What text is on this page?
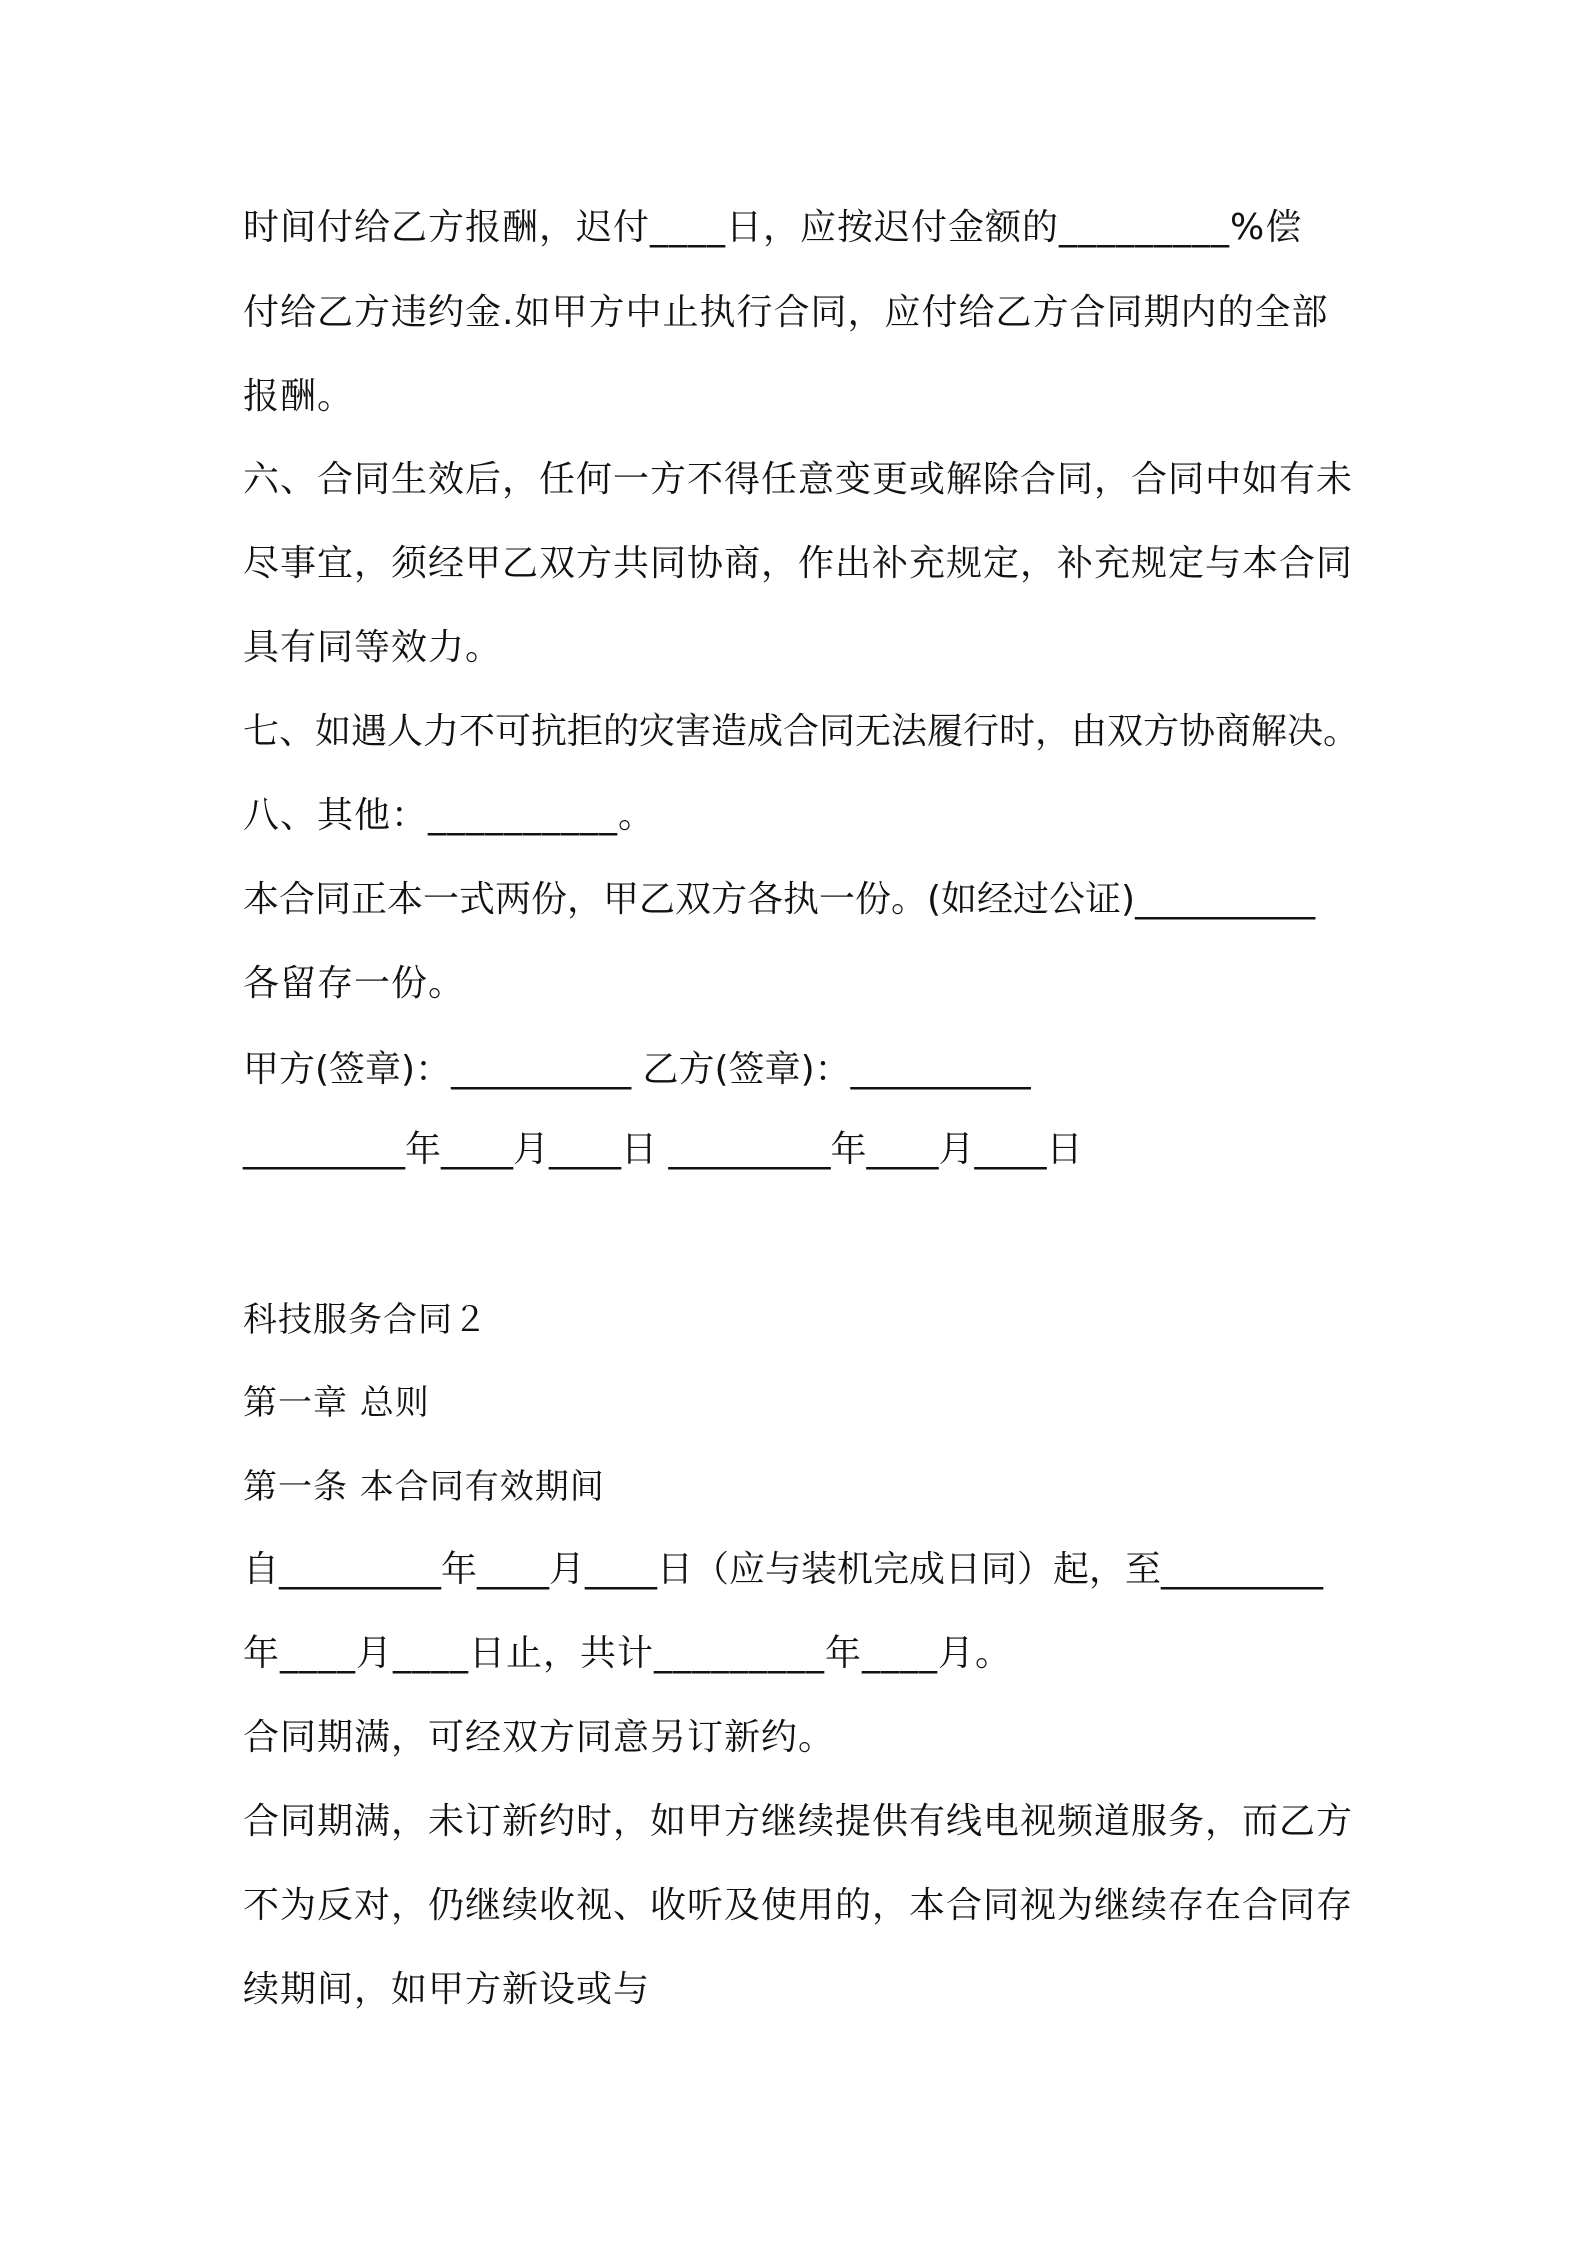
时间付给乙方报酬，迟付____日，应按迟付金额的_________%偿
付给乙方违约金.如甲方中止执行合同，应付给乙方合同期内的全部
报酬。
六、合同生效后，任何一方不得任意变更或解除合同，合同中如有未
尽事宜，须经甲乙双方共同协商，作出补充规定，补充规定与本合同
具有同等效力。
七、如遇人力不可抗拒的灾害造成合同无法履行时，由双方协商解决。
八、其他：__________。
本合同正本一式两份，甲乙双方各执一份。(如经过公证)__________
各留存一份。
甲方(签章)：__________ 乙方(签章)：__________
_________年____月____日 _________年____月____日
科技服务合同２
第一章 总则
第一条 本合同有效期间
自_________年____月____日（应与装机完成日同）起，至_________
年____月____日止，共计_________年____月。
合同期满，可经双方同意另订新约。
合同期满，未订新约时，如甲方继续提供有线电视频道服务，而乙方
不为反对，仍继续收视、收听及使用的，本合同视为继续存在合同存
续期间，如甲方新设或与
